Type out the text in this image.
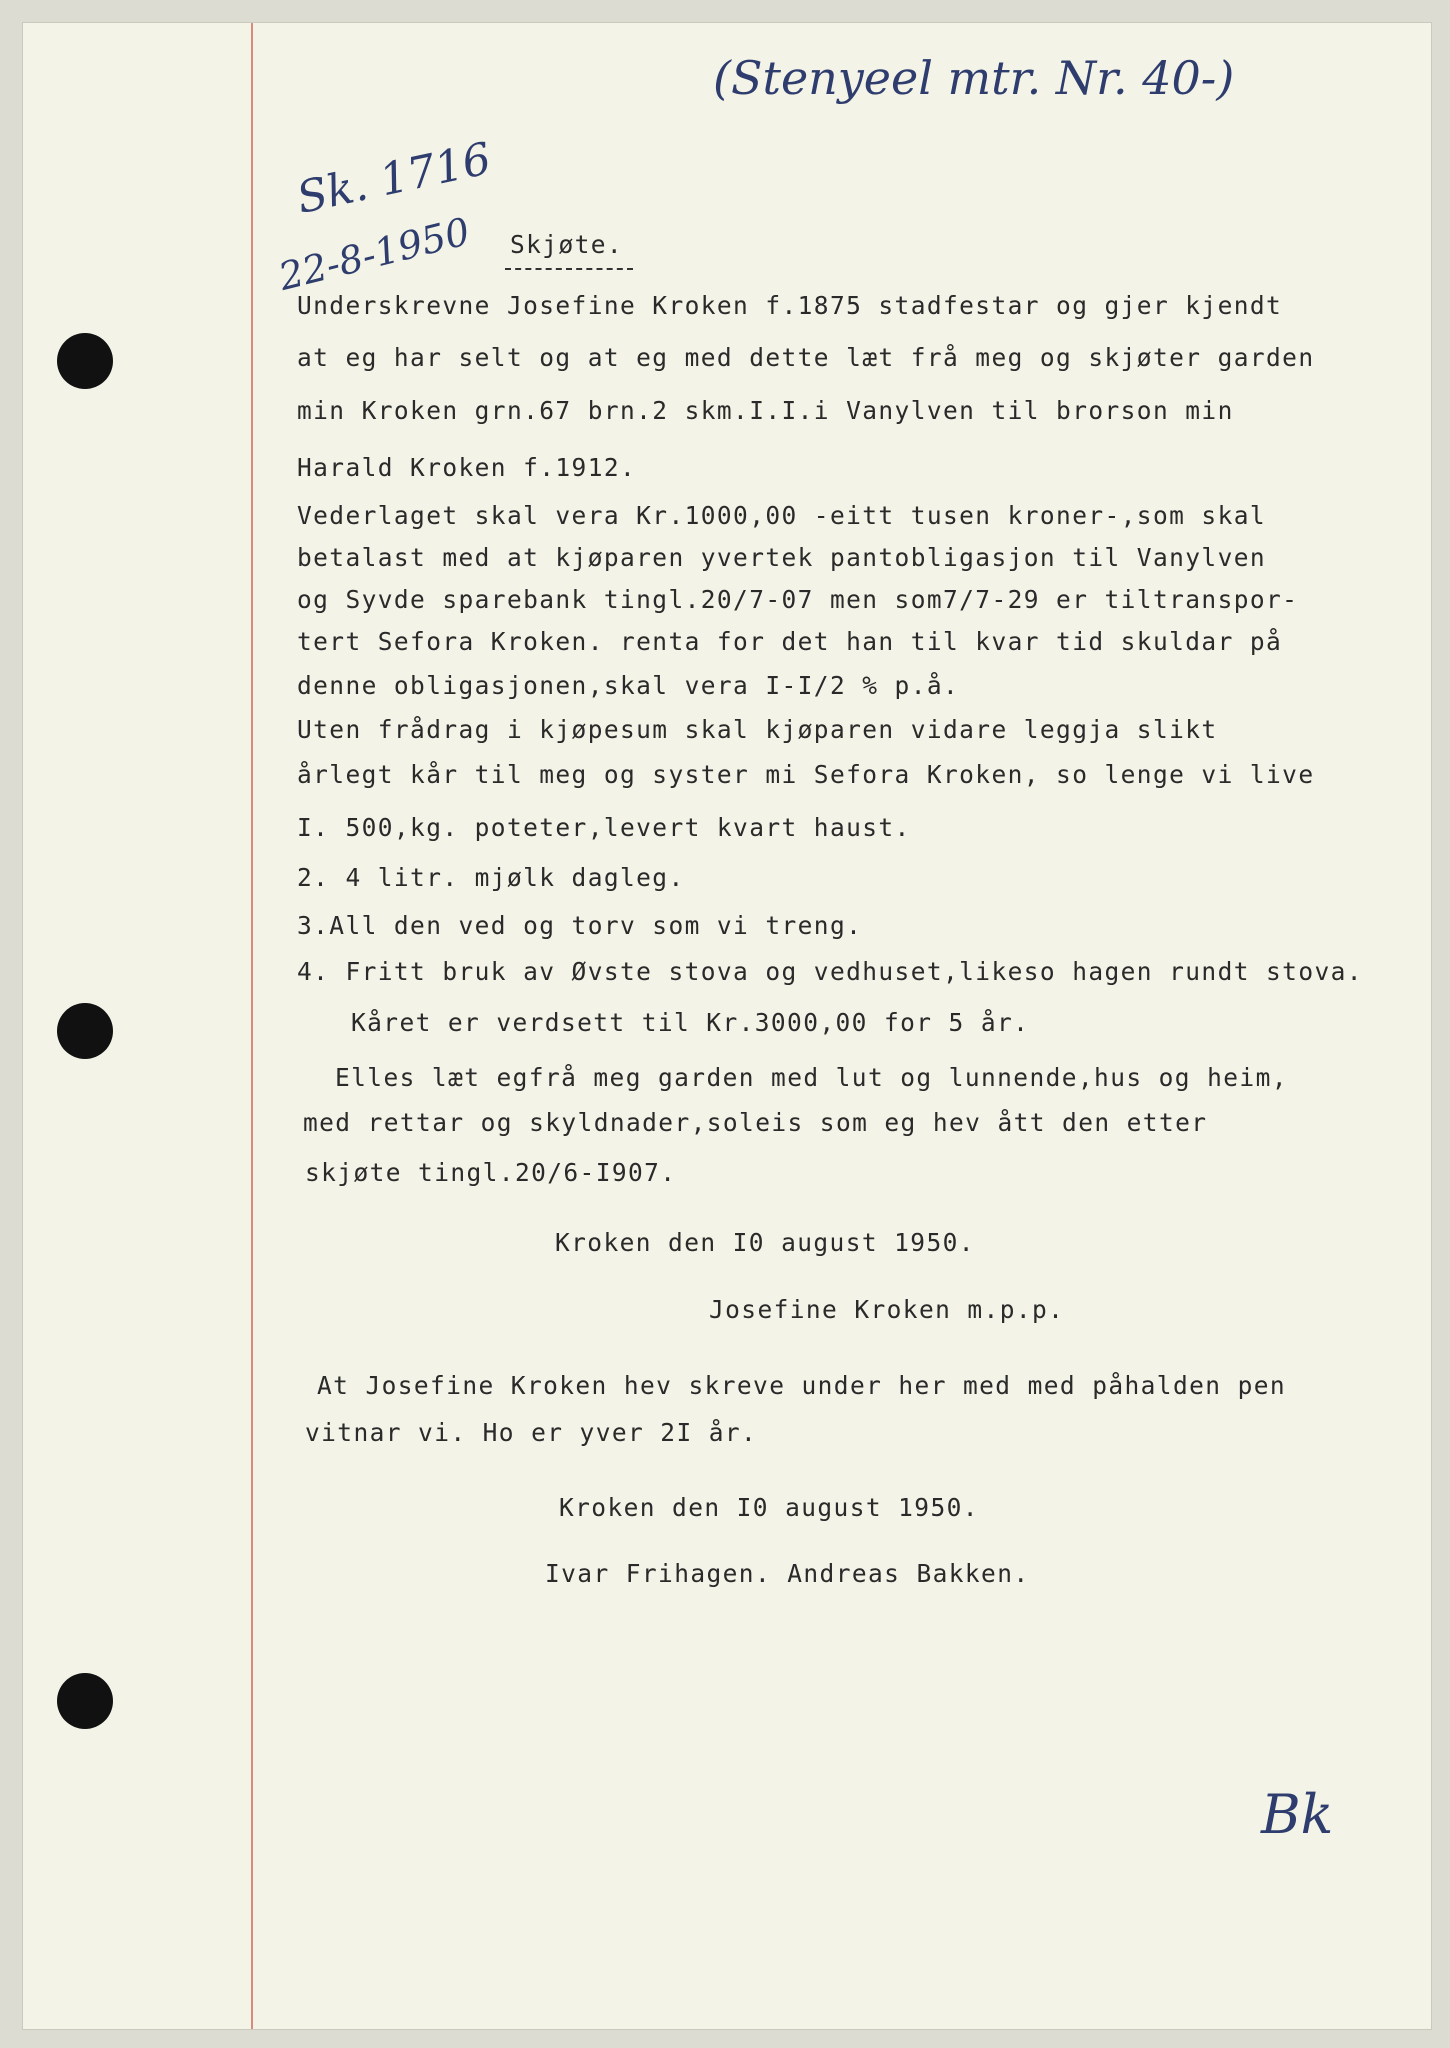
(Stenyeel mtr. Nr. 40-)
Sk. 1716
22-8-1950 Skjøte.
Underskrevne Josefine Kroken f.1875 stadfestar og gjer kjendt
at eg har selt og at eg med dette læt frå meg og skjøter garden
min Kroken grn.67 brn.2 skm.I.I.i Vanylven til brorson min
Harald Kroken f.1912.
Vederlaget skal vera Kr.1000,00 -eitt tusen kroner-,som skal
betalast med at kjøparen yvertek pantobligasjon til Vanylven
og Syvde sparebank tingl.20/7-07 men som7/7-29 er tiltranspor-
tert Sefora Kroken. renta for det han til kvar tid skuldar på
denne obligasjonen,skal vera I-I/2 % p.å.
Uten frådrag i kjøpesum skal kjøparen vidare leggja slikt
årlegt kår til meg og syster mi Sefora Kroken, so lenge vi live
I. 500,kg. poteter,levert kvart haust.
2. 4 litr. mjølk dagleg.
3.All den ved og torv som vi treng.
4. Fritt bruk av Øvste stova og vedhuset,likeso hagen rundt stova.
Kåret er verdsett til Kr.3000,00 for 5 år.
Elles læt egfrå meg garden med lut og lunnende,hus og heim,
med rettar og skyldnader,soleis som eg hev ått den etter
skjøte tingl.20/6-I907.
Kroken den I0 august 1950.
Josefine Kroken m.p.p.
At Josefine Kroken hev skreve under her med med påhalden pen
vitnar vi. Ho er yver 2I år.
Kroken den I0 august 1950.
Ivar Frihagen. Andreas Bakken.
Bk
